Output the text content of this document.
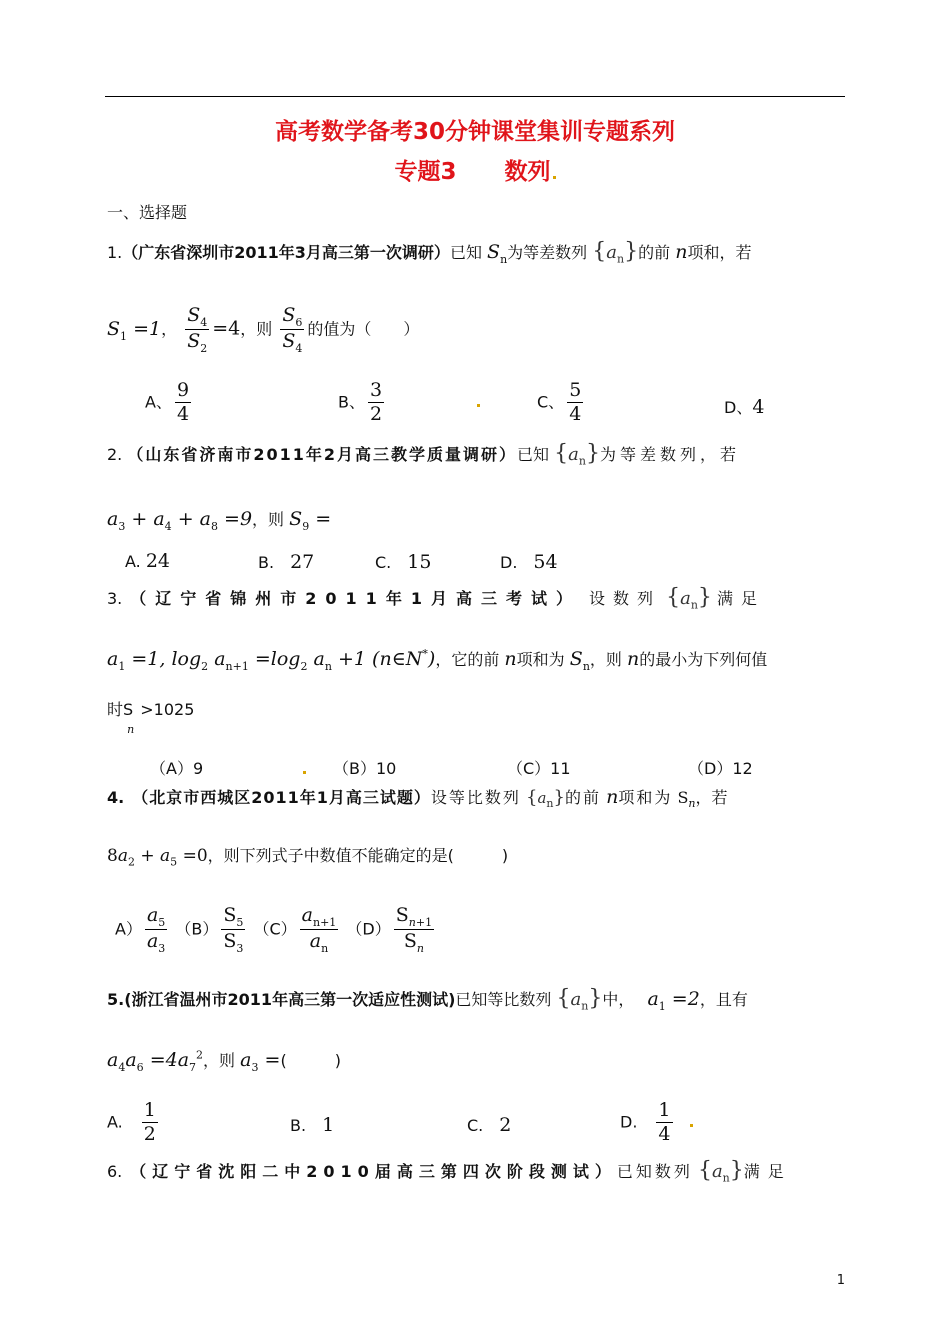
高考数学备考30分钟课堂集训专题系列
专题3 数列
一、选择题
1.（广东省深圳市2011年3月高三第一次调研）已知 $S_n$为等差数列 $\{a_n\}$的前 n项和，若
$S_1 =1$， $\frac{S_4}{S_2} =4$，则 $\frac{S_6}{S_4}$ 的值为（　　）
A、 $\frac{9}{4}$	B、 $\frac{3}{2}$	C、 $\frac{5}{4}$	D、4
2. （山东省济南市2011年2月高三教学质量调研）已知 $\{a_n\}$为等差数列，若
$a_3 + a_4 + a_8 =9$，则 $S_9$ =
A. 24	B.　 27	C.　 15	D.　 54
3.　 （辽宁省锦州市2011年1月高三考试）　 设数列 $\{a_n\}$ 满足
$a_1 =1$, $\log_2 a_{n+1} =\log_2$ $a_n +1$ (n∈N*)，它的前 n项和为 $S_n$，则 n的最小为下列何值
时$S_n>1025$
（A）9	（B）10	（C）11	（D）12
4.　 （北京市西城区2011年1月高三试题）设等比数列 $\{a_n\}$的前 n项和为 $S_n$，若
$8a_2 + a_5 =0$，则下列式子中数值不能确定的是(　　　)
$A) \frac{a_5}{a_3} (B) \frac{S_5}{S_3} (C) \frac{a_{n+1}}{a_n} (D) \frac{S_{n+1}}{S_n}$
5.(浙江省温州市2011年高三第一次适应性测试)已知等比数列 $\{a_n\}$中，　 $a_1 =2$，且有
$a_4a_6 =4a_7^2$，则 $a_3$ =(　　　)
A.　 $\frac{1}{2}$	B.　 1	C.　 2	D.　 $\frac{1}{4}$
6.　 （辽宁省沈阳二中2010届高三第四次阶段测试）已知数列 $\{a_n\}$满足
1
